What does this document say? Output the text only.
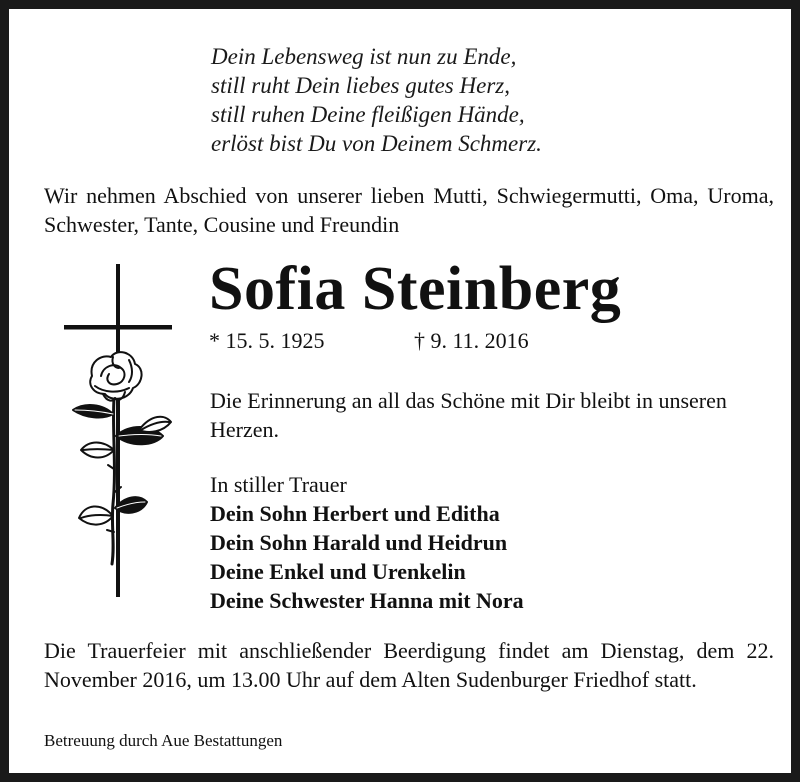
Dein Lebensweg ist nun zu Ende,
still ruht Dein liebes gutes Herz,
still ruhen Deine fleißigen Hände,
erlöst bist Du von Deinem Schmerz.
Wir nehmen Abschied von unserer lieben Mutti, Schwiegermutti, Oma, Uroma, Schwester, Tante, Cousine und Freundin
Sofia Steinberg
* 15. 5. 1925	† 9. 11. 2016
Die Erinnerung an all das Schöne mit Dir bleibt in unseren Herzen.
In stiller Trauer
Dein Sohn Herbert und Editha
Dein Sohn Harald und Heidrun
Deine Enkel und Urenkelin
Deine Schwester Hanna mit Nora
Die Trauerfeier mit anschließender Beerdigung findet am Dienstag, dem 22. November 2016, um 13.00 Uhr auf dem Alten Sudenburger Friedhof statt.
Betreuung durch Aue Bestattungen
